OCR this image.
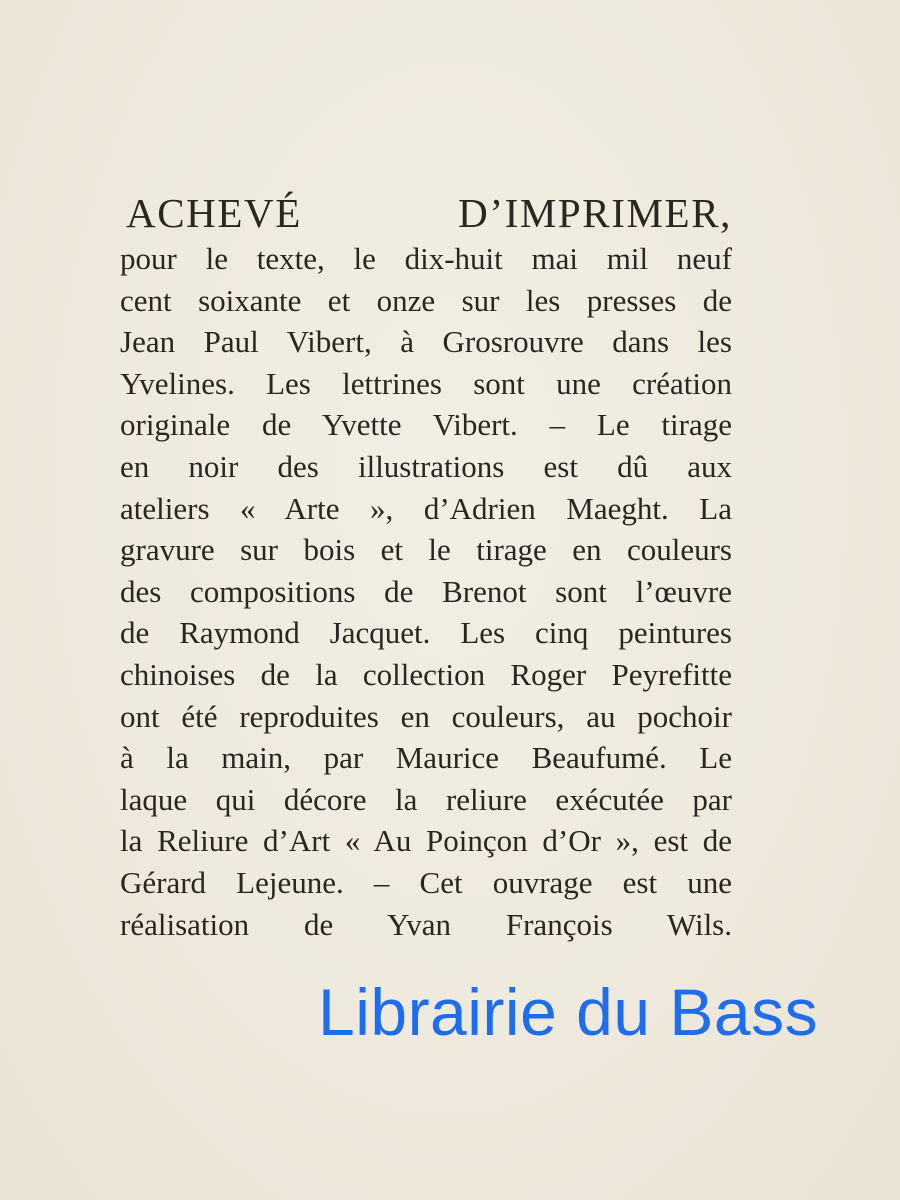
ACHEVÉ D’IMPRIMER,
pour le texte, le dix-huit mai mil neuf
cent soixante et onze sur les presses de
Jean Paul Vibert, à Grosrouvre dans les
Yvelines. Les lettrines sont une création
originale de Yvette Vibert. – Le tirage
en noir des illustrations est dû aux
ateliers « Arte », d’Adrien Maeght. La
gravure sur bois et le tirage en couleurs
des compositions de Brenot sont l’œuvre
de Raymond Jacquet. Les cinq peintures
chinoises de la collection Roger Peyrefitte
ont été reproduites en couleurs, au pochoir
à la main, par Maurice Beaufumé. Le
laque qui décore la reliure exécutée par
la Reliure d’Art « Au Poinçon d’Or », est de
Gérard Lejeune. – Cet ouvrage est une
réalisation de Yvan François Wils.
Librairie du Bass
